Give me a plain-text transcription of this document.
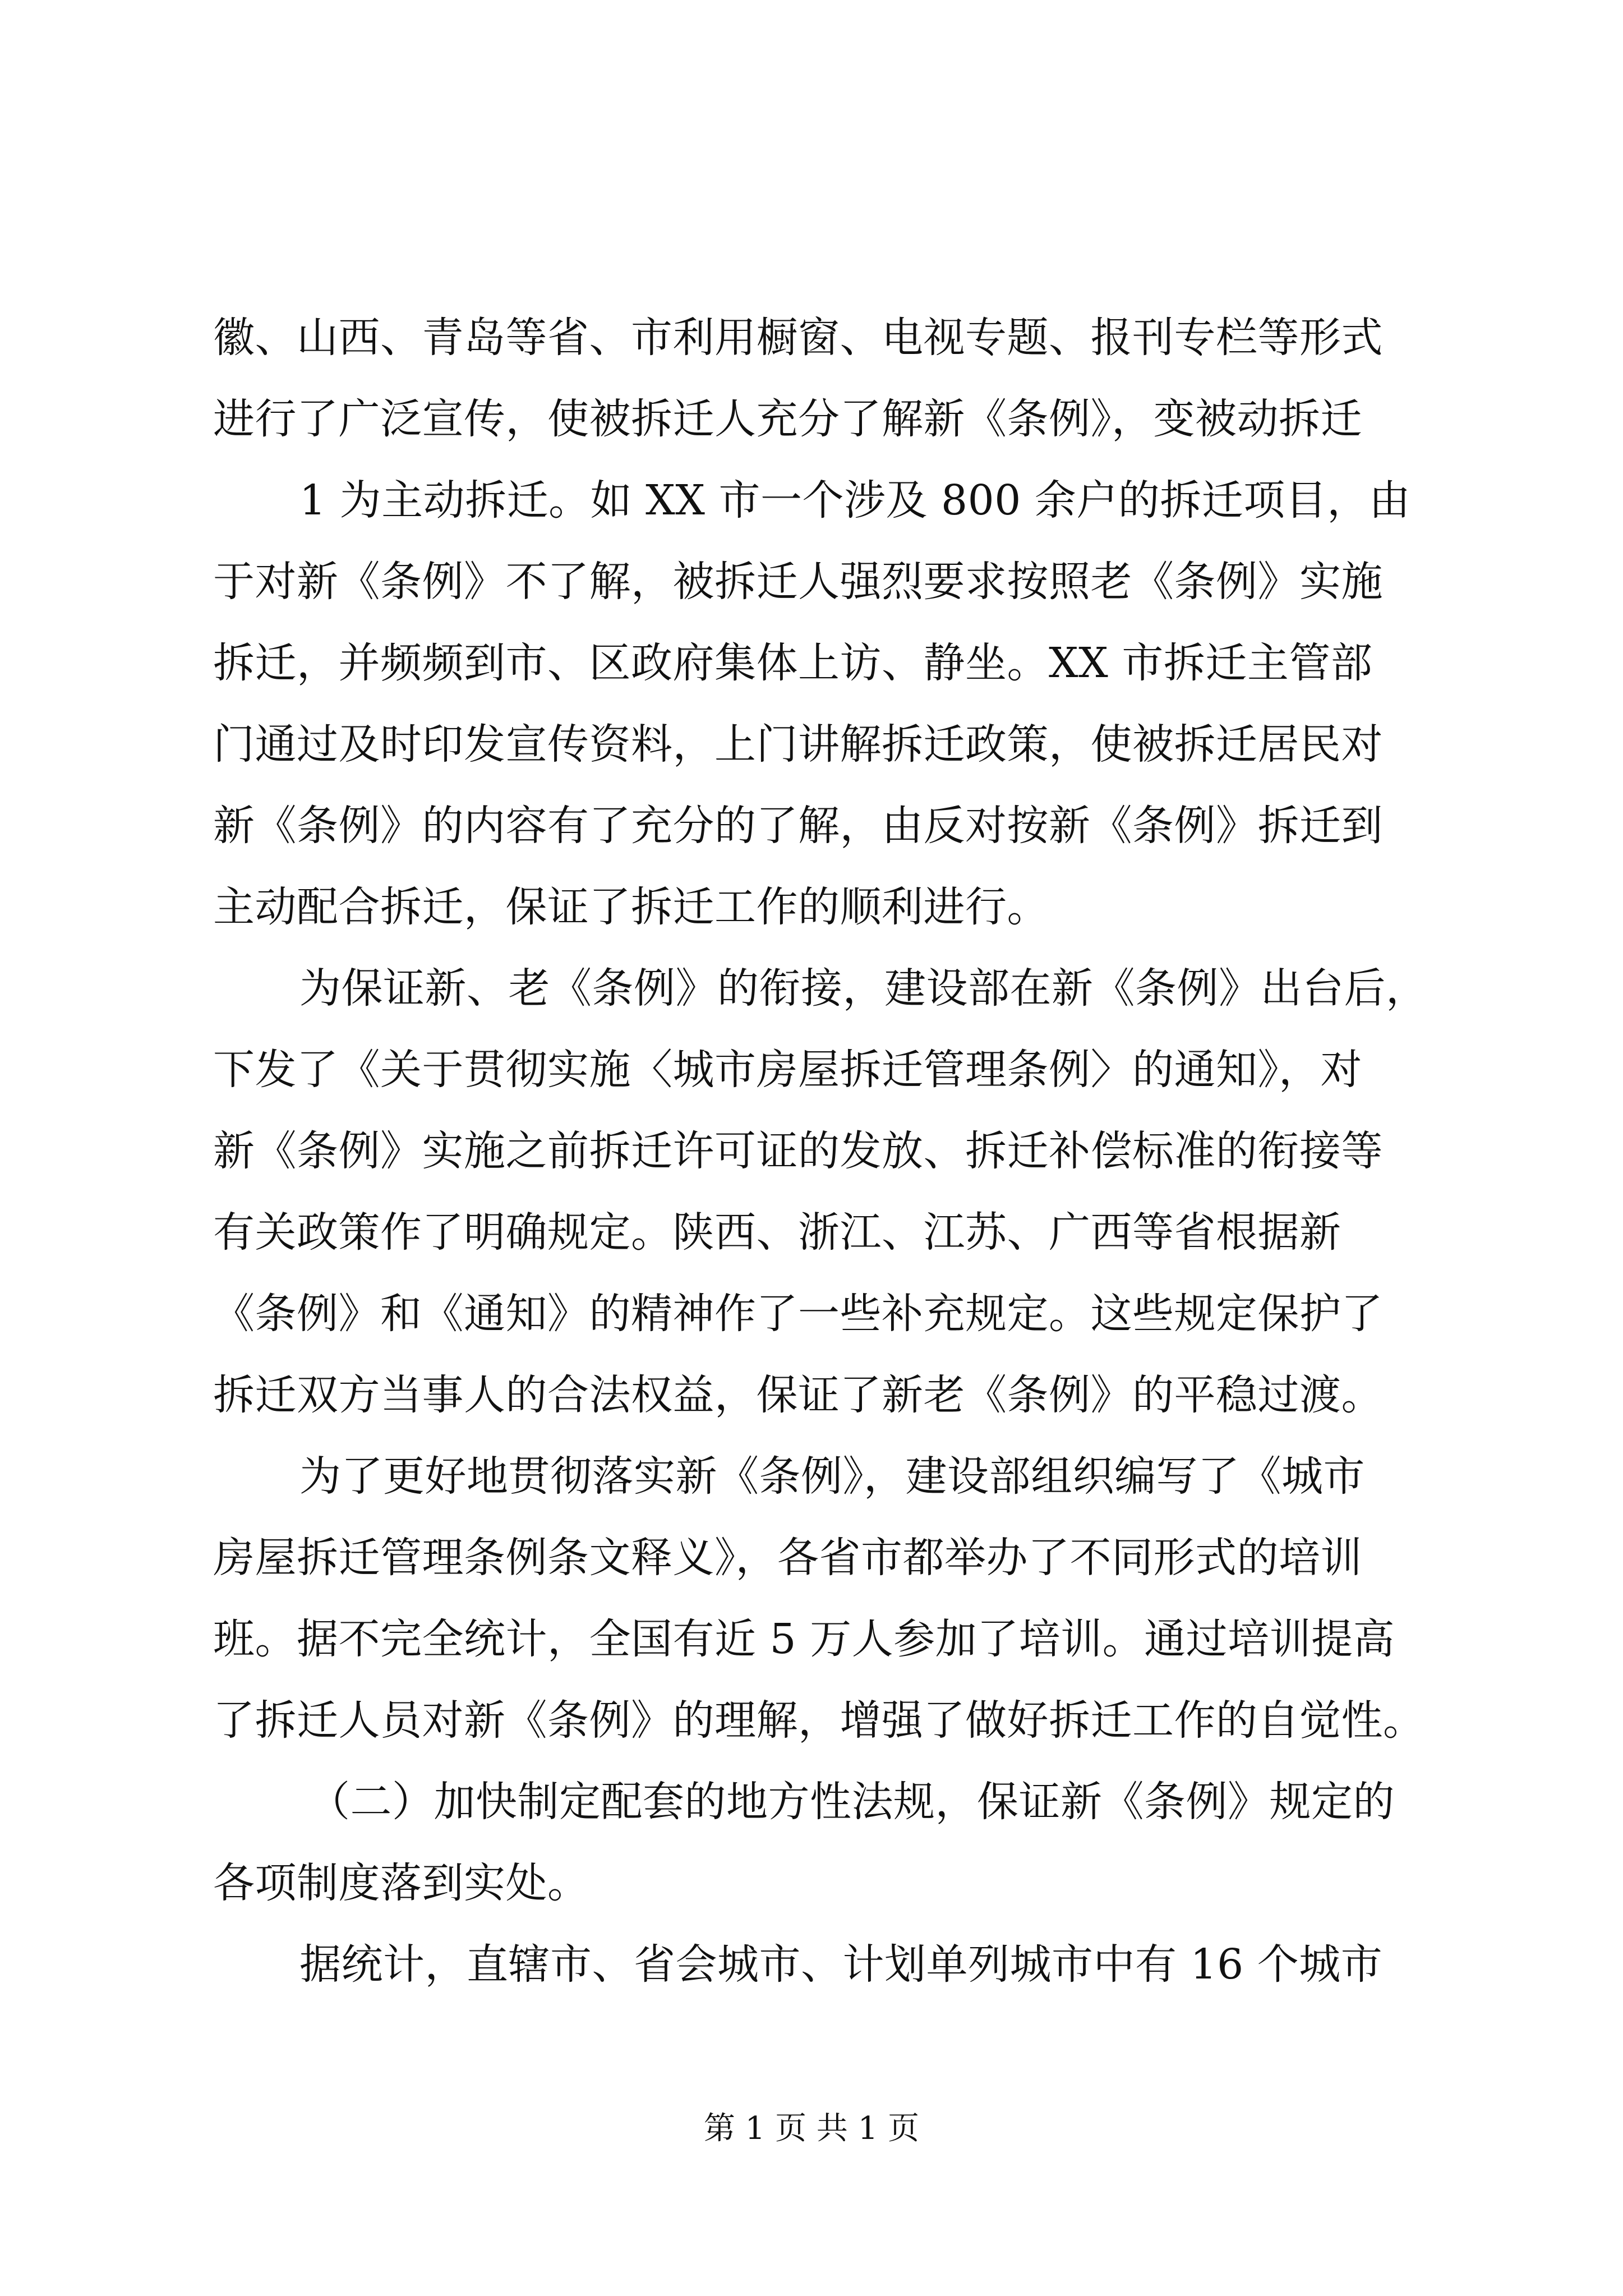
徽、山西、青岛等省、市利用橱窗、电视专题、报刊专栏等形式
进行了广泛宣传，使被拆迁人充分了解新《条例》，变被动拆迁
1 为主动拆迁。如 XX 市一个涉及 800 余户的拆迁项目，由
于对新《条例》不了解，被拆迁人强烈要求按照老《条例》实施
拆迁，并频频到市、区政府集体上访、静坐。XX 市拆迁主管部
门通过及时印发宣传资料，上门讲解拆迁政策，使被拆迁居民对
新《条例》的内容有了充分的了解，由反对按新《条例》拆迁到
主动配合拆迁，保证了拆迁工作的顺利进行。
为保证新、老《条例》的衔接，建设部在新《条例》出台后，
下发了《关于贯彻实施〈城市房屋拆迁管理条例〉的通知》，对
新《条例》实施之前拆迁许可证的发放、拆迁补偿标准的衔接等
有关政策作了明确规定。陕西、浙江、江苏、广西等省根据新
《条例》和《通知》的精神作了一些补充规定。这些规定保护了
拆迁双方当事人的合法权益，保证了新老《条例》的平稳过渡。
为了更好地贯彻落实新《条例》，建设部组织编写了《城市
房屋拆迁管理条例条文释义》，各省市都举办了不同形式的培训
班。据不完全统计，全国有近 5 万人参加了培训。通过培训提高
了拆迁人员对新《条例》的理解，增强了做好拆迁工作的自觉性。
（二）加快制定配套的地方性法规，保证新《条例》规定的
各项制度落到实处。
据统计，直辖市、省会城市、计划单列城市中有 16 个城市
第 1 页 共 1 页
